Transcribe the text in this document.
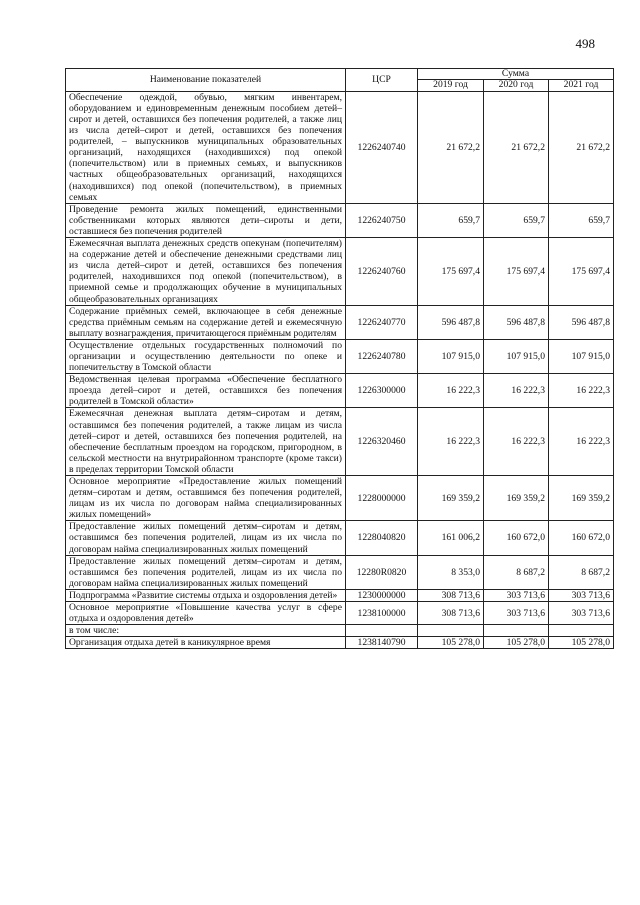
498
Наименование показателей	ЦСР	Сумма		
		2019 год	2020 год	2021 год
Обеспечение одеждой, обувью, мягким инвентарем, оборудованием и единовременным денежным пособием детей–сирот и детей, оставшихся без попечения родителей, а также лиц из числа детей–сирот и детей, оставшихся без попечения родителей, – выпускников муниципальных образовательных организаций, находящихся (находившихся) под опекой (попечительством) или в приемных семьях, и выпускников частных общеобразовательных организаций, находящихся (находившихся) под опекой (попечительством), в приемных семьях	1226240740	21 672,2	21 672,2	21 672,2
Проведение ремонта жилых помещений, единственными собственниками которых являются дети–сироты и дети, оставшиеся без попечения родителей	1226240750	659,7	659,7	659,7
Ежемесячная выплата денежных средств опекунам (попечителям) на содержание детей и обеспечение денежными средствами лиц из числа детей–сирот и детей, оставшихся без попечения родителей, находившихся под опекой (попечительством), в приемной семье и продолжающих обучение в муниципальных общеобразовательных организациях	1226240760	175 697,4	175 697,4	175 697,4
Содержание приёмных семей, включающее в себя денежные средства приёмным семьям на содержание детей и ежемесячную выплату вознаграждения, причитающегося приёмным родителям	1226240770	596 487,8	596 487,8	596 487,8
Осуществление отдельных государственных полномочий по организации и осуществлению деятельности по опеке и попечительству в Томской области	1226240780	107 915,0	107 915,0	107 915,0
Ведомственная целевая программа «Обеспечение бесплатного проезда детей–сирот и детей, оставшихся без попечения родителей в Томской области»	1226300000	16 222,3	16 222,3	16 222,3
Ежемесячная денежная выплата детям–сиротам и детям, оставшимся без попечения родителей, а также лицам из числа детей–сирот и детей, оставшихся без попечения родителей, на обеспечение бесплатным проездом на городском, пригородном, в сельской местности на внутрирайонном транспорте (кроме такси) в пределах территории Томской области	1226320460	16 222,3	16 222,3	16 222,3
Основное мероприятие «Предоставление жилых помещений детям–сиротам и детям, оставшимся без попечения родителей, лицам из их числа по договорам найма специализированных жилых помещений»	1228000000	169 359,2	169 359,2	169 359,2
Предоставление жилых помещений детям–сиротам и детям, оставшимся без попечения родителей, лицам из их числа по договорам найма специализированных жилых помещений	1228040820	161 006,2	160 672,0	160 672,0
Предоставление жилых помещений детям–сиротам и детям, оставшимся без попечения родителей, лицам из их числа по договорам найма специализированных жилых помещений	12280R0820	8 353,0	8 687,2	8 687,2
Подпрограмма «Развитие системы отдыха и оздоровления детей»	1230000000	308 713,6	303 713,6	303 713,6
Основное мероприятие «Повышение качества услуг в сфере отдыха и оздоровления детей»	1238100000	308 713,6	303 713,6	303 713,6
в том числе:				
Организация отдыха детей в каникулярное время	1238140790	105 278,0	105 278,0	105 278,0
